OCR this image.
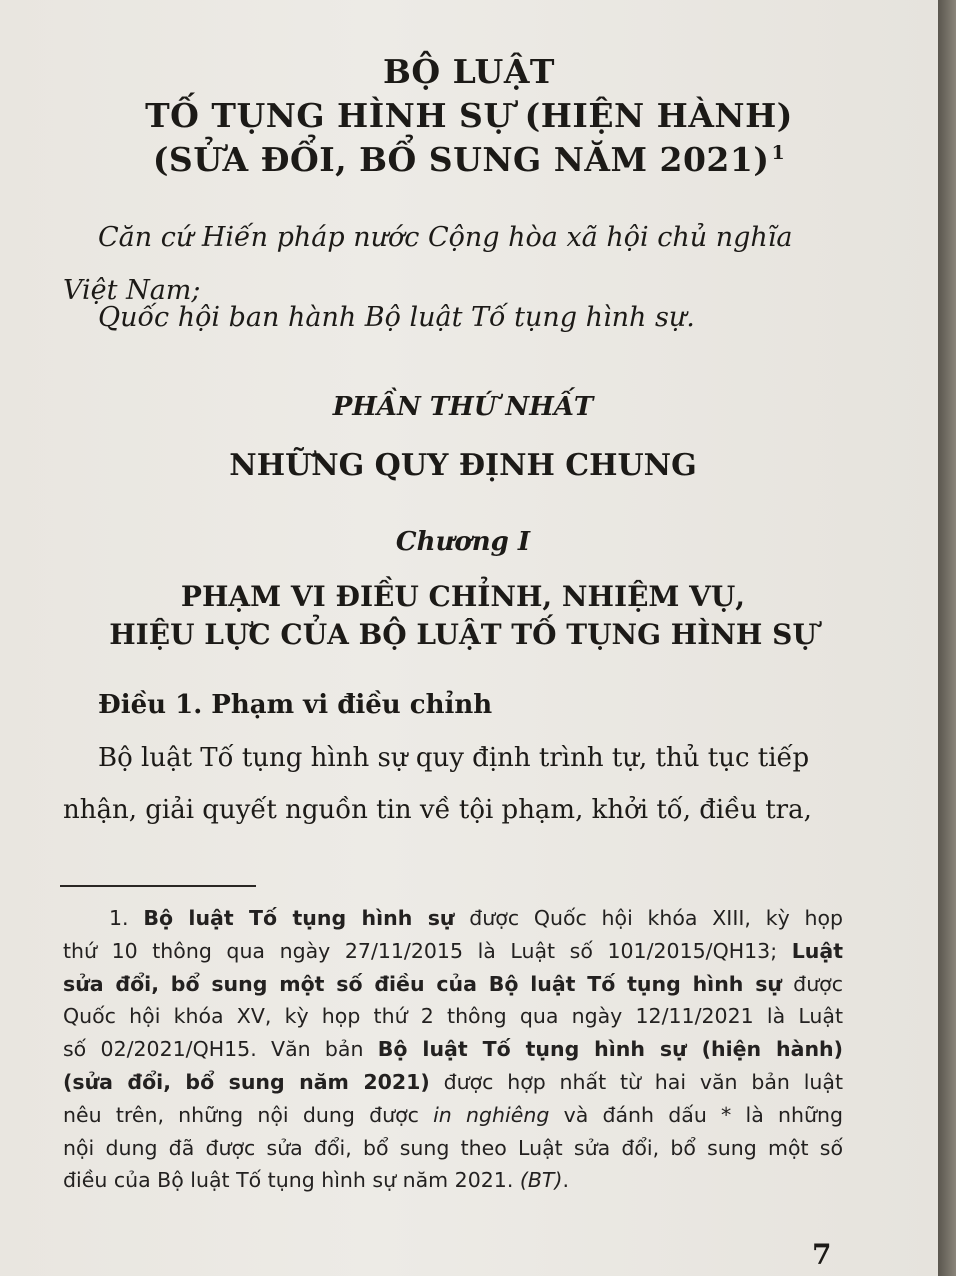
BỘ LUẬT
TỐ TỤNG HÌNH SỰ (HIỆN HÀNH)
(SỬA ĐỔI, BỔ SUNG NĂM 2021) $^1$
Căn cứ Hiến pháp nước Cộng hòa xã hội chủ nghĩa
Việt Nam;
Quốc hội ban hành Bộ luật Tố tụng hình sự.
PHẦN THỨ NHẤT
NHỮNG QUY ĐỊNH CHUNG
Chương I
PHẠM VI ĐIỀU CHỈNH, NHIỆM VỤ,
HIỆU LỰC CỦA BỘ LUẬT TỐ TỤNG HÌNH SỰ
Điều 1. Phạm vi điều chỉnh
Bộ luật Tố tụng hình sự quy định trình tự, thủ tục tiếp
nhận, giải quyết nguồn tin về tội phạm, khởi tố, điều tra,

1. Bộ luật Tố tụng hình sự được Quốc hội khóa XIII, kỳ họp

thứ 10 thông qua ngày 27/11/2015 là Luật số 101/2015/QH13; Luật

sửa đổi, bổ sung một số điều của Bộ luật Tố tụng hình sự được

Quốc hội khóa XV, kỳ họp thứ 2 thông qua ngày 12/11/2021 là Luật

số 02/2021/QH15. Văn bản Bộ luật Tố tụng hình sự (hiện hành)

(sửa đổi, bổ sung năm 2021) được hợp nhất từ hai văn bản luật

nêu trên, những nội dung được in nghiêng và đánh dấu * là những

nội dung đã được sửa đổi, bổ sung theo Luật sửa đổi, bổ sung một số

điều của Bộ luật Tố tụng hình sự năm 2021. (BT).

7
